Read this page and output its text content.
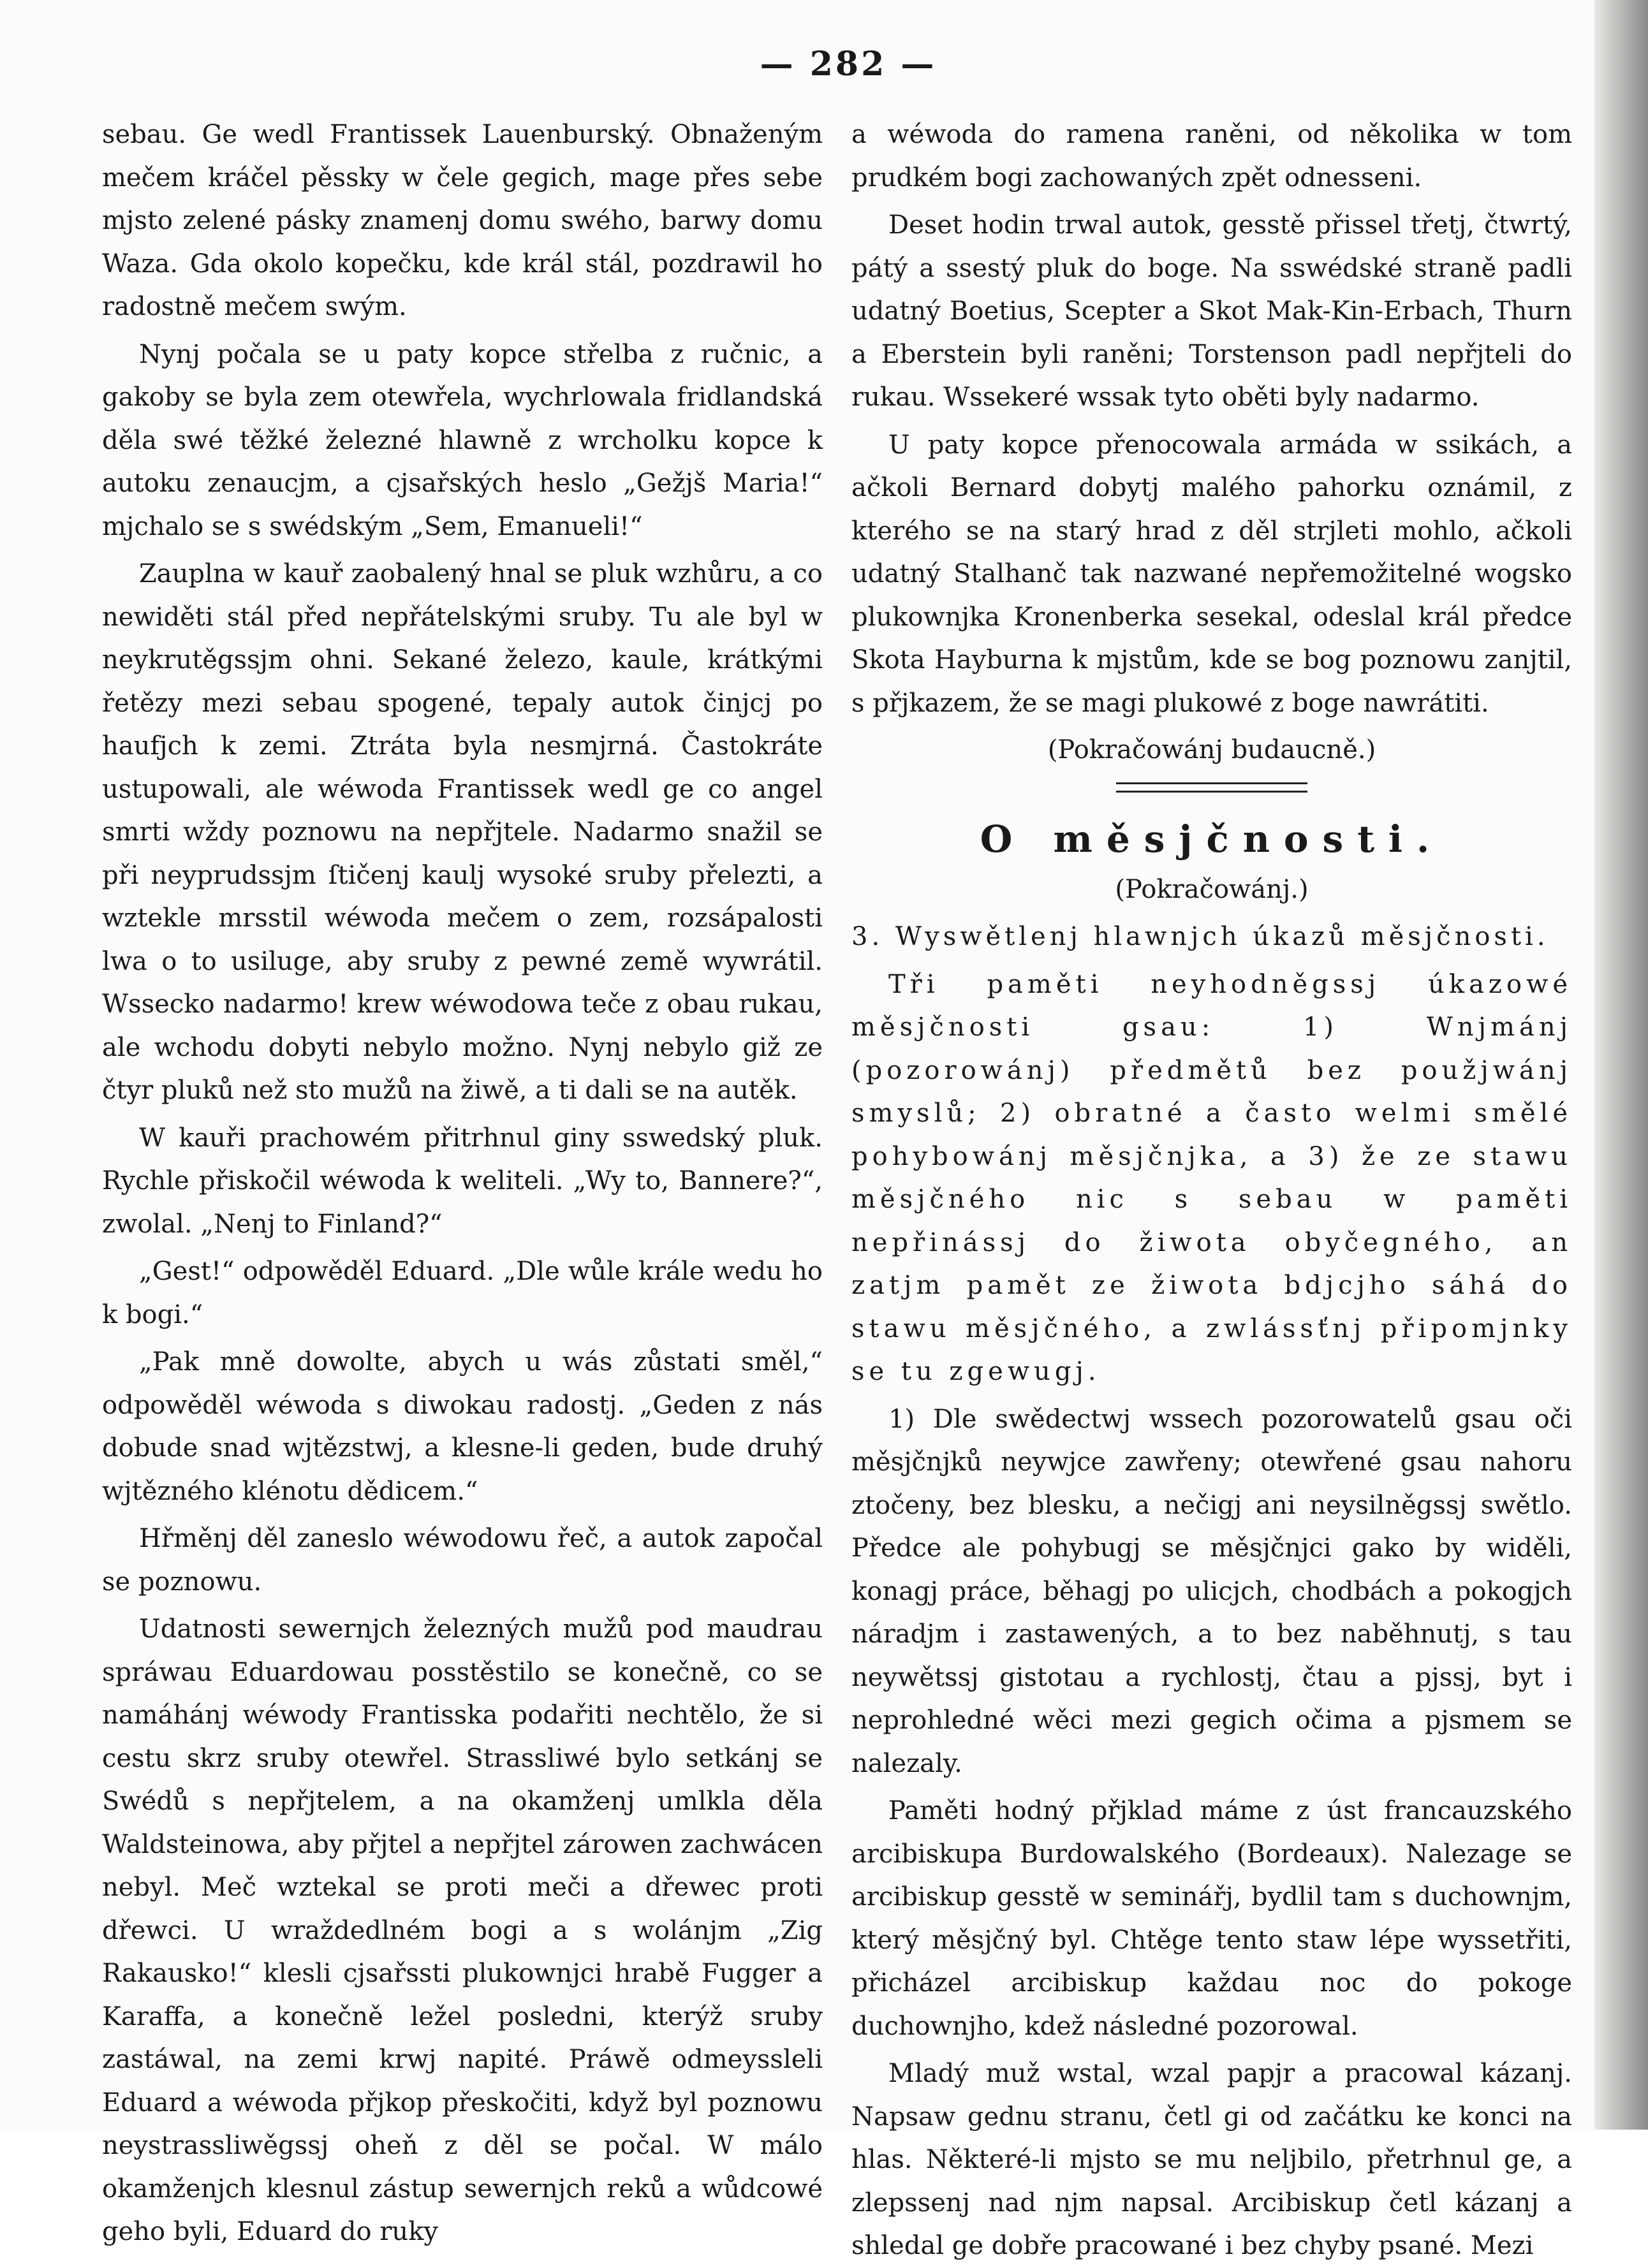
— 282 —

sebau. Ge wedl Frantissek Lauenburský. Obnaženým mečem kráčel pěssky w čele gegich, mage přes sebe mjsto zelené pásky znamenj domu swého, barwy domu Waza. Gda okolo kopečku, kde král stál, pozdrawil ho radostně mečem swým.

Nynj počala se u paty kopce střelba z ručnic, a gakoby se byla zem otewřela, wychrlowala fridlandská děla swé těžké železné hlawně z wrcholku kopce k autoku zenaucjm, a cjsařských heslo „Gežjš Maria!“ mjchalo se s swédským „Sem, Emanueli!“

Zauplna w kauř zaobalený hnal se pluk wzhůru, a co newiděti stál před nepřátelskými sruby. Tu ale byl w neykrutěgssjm ohni. Sekané železo, kaule, krátkými řetězy mezi sebau spogené, tepaly autok činjcj po haufjch k zemi. Ztráta byla nesmjrná. Častokráte ustupowali, ale wéwoda Frantissek wedl ge co angel smrti wždy poznowu na nepřjtele. Nadarmo snažil se při neyprudssjm ſtičenj kaulj wysoké sruby přelezti, a wztekle mrsstil wéwoda mečem o zem, rozsápalosti lwa o to usiluge, aby sruby z pewné země wywrátil. Wssecko nadarmo! krew wéwodowa teče z obau rukau, ale wchodu dobyti nebylo možno. Nynj nebylo giž ze čtyr pluků než sto mužů na žiwě, a ti dali se na autěk.

W kauři prachowém přitrhnul giny sswedský pluk. Rychle přiskočil wéwoda k weliteli. „Wy to, Bannere?“, zwolal. „Nenj to Finland?“

„Gest!“ odpowěděl Eduard. „Dle wůle krále wedu ho k bogi.“

„Pak mně dowolte, abych u wás zůstati směl,“ odpowěděl wéwoda s diwokau radostj. „Geden z nás dobude snad wjtězstwj, a klesne-li geden, bude druhý wjtězného klénotu dědicem.“

Hřměnj děl zaneslo wéwodowu řeč, a autok započal se poznowu.

Udatnosti sewernjch železných mužů pod maudrau spráwau Eduardowau posstěstilo se konečně, co se namáhánj wéwody Frantisska podařiti nechtělo, že si cestu skrz sruby otewřel. Strassliwé bylo setkánj se Swédů s nepřjtelem, a na okamženj umlkla děla Waldsteinowa, aby přjtel a nepřjtel zárowen zachwácen nebyl. Meč wztekal se proti meči a dřewec proti dřewci. U wraždedlném bogi a s wolánjm „Zig Rakausko!“ klesli cjsařssti plukownjci hrabě Fugger a Karaffa, a konečně ležel posledni, kterýž sruby zastáwal, na zemi krwj napité. Práwě odmeyssleli Eduard a wéwoda přjkop přeskočiti, když byl poznowu neystrassliwěgssj oheň z děl se počal. W málo okamženjch klesnul zástup sewernjch reků a wůdcowé geho byli, Eduard do ruky

a wéwoda do ramena raněni, od několika w tom prudkém bogi zachowaných zpět odnesseni.

Deset hodin trwal autok, gesstě přissel třetj, čtwrtý, pátý a ssestý pluk do boge. Na sswédské straně padli udatný Boetius, Scepter a Skot Mak-Kin-Erbach, Thurn a Eberstein byli raněni; Torstenson padl nepřjteli do rukau. Wssekeré wssak tyto oběti byly nadarmo.

U paty kopce přenocowala armáda w ssikách, a ačkoli Bernard dobytj malého pahorku oznámil, z kterého se na starý hrad z děl strjleti mohlo, ačkoli udatný Stalhanč tak nazwané nepřemožitelné wogsko plukownjka Kronenberka sesekal, odeslal král předce Skota Hayburna k mjstům, kde se bog poznowu zanjtil, s přjkazem, že se magi plukowé z boge nawrátiti.

(Pokračowánj budaucně.)

O měsjčnosti.

(Pokračowánj.)

3. Wyswětlenj hlawnjch úkazů měsjčnosti.

Tři paměti neyhodněgssj úkazowé měsjčnosti gsau: 1) Wnjmánj (pozorowánj) předmětů bez použjwánj smyslů; 2) obratné a často welmi smělé pohybowánj měsjčnjka, a 3) že ze stawu měsjčného nic s sebau w paměti nepřinássj do žiwota obyčegného, an zatjm pamět ze žiwota bdjcjho sáhá do stawu měsjčného, a zwlássťnj připomjnky se tu zgewugj.

1) Dle swědectwj wssech pozorowatelů gsau oči měsjčnjků neywjce zawřeny; otewřené gsau nahoru ztočeny, bez blesku, a nečigj ani neysilněgssj swětlo. Předce ale pohybugj se měsjčnjci gako by widěli, konagj práce, běhagj po ulicjch, chodbách a pokogjch náradjm i zastawených, a to bez naběhnutj, s tau neywětssj gistotau a rychlostj, čtau a pjssj, byt i neprohledné wěci mezi gegich očima a pjsmem se nalezaly.

Paměti hodný přjklad máme z úst francauzského arcibiskupa Burdowalského (Bordeaux). Nalezage se arcibiskup gesstě w seminářj, bydlil tam s duchownjm, který měsjčný byl. Chtěge tento staw lépe wyssetřiti, přicházel arcibiskup každau noc do pokoge duchownjho, kdež následné pozorowal.

Mladý muž wstal, wzal papjr a pracowal kázanj. Napsaw gednu stranu, četl gi od začátku ke konci na hlas. Některé-li mjsto se mu nelјbilo, přetrhnul ge, a zlepssenj nad njm napsal. Arcibiskup četl kázanj a shledal ge dobře pracowané i bez chyby psané. Mezi
